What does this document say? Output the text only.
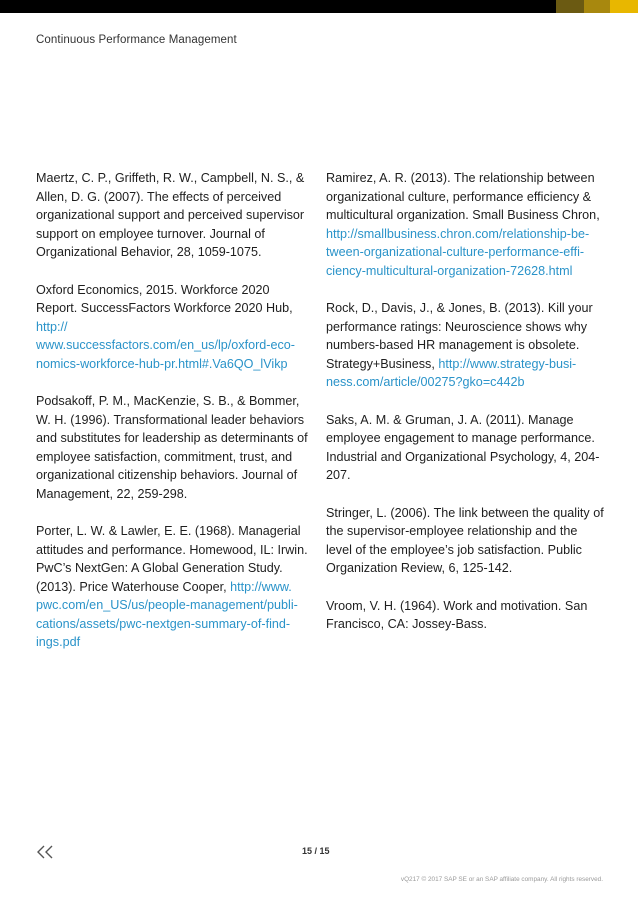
Continuous Performance Management
Maertz, C. P., Griffeth, R. W., Campbell, N. S., & Allen, D. G. (2007). The effects of perceived organizational support and perceived supervisor support on employee turnover. Journal of Organizational Behavior, 28, 1059-1075.
Oxford Economics, 2015. Workforce 2020 Report. SuccessFactors Workforce 2020 Hub, http://
www.successfactors.com/en_us/lp/oxford-eco-
nomics-workforce-hub-pr.html#.Va6QO_lVikp
Podsakoff, P. M., MacKenzie, S. B., & Bommer, W. H. (1996). Transformational leader behaviors and substitutes for leadership as determinants of employee satisfaction, commitment, trust, and organizational citizenship behaviors. Journal of Management, 22, 259-298.
Porter, L. W. & Lawler, E. E. (1968). Managerial attitudes and performance. Homewood, IL: Irwin. PwC’s NextGen: A Global Generation Study. (2013). Price Waterhouse Cooper, http://www.
pwc.com/en_US/us/people-management/publi-
cations/assets/pwc-nextgen-summary-of-find-
ings.pdf
Ramirez, A. R. (2013). The relationship between organizational culture, performance efficiency & multicultural organization. Small Business Chron,
http://smallbusiness.chron.com/relationship-be-
tween-organizational-culture-performance-effi-
ciency-multicultural-organization-72628.html
Rock, D., Davis, J., & Jones, B. (2013). Kill your performance ratings: Neuroscience shows why numbers-based HR management is obsolete. Strategy+Business, http://www.strategy-busi-
ness.com/article/00275?gko=c442b
Saks, A. M. & Gruman, J. A. (2011). Manage employee engagement to manage performance. Industrial and Organizational Psychology, 4, 204-207.
Stringer, L. (2006). The link between the quality of the supervisor-employee relationship and the level of the employee’s job satisfaction. Public Organization Review, 6, 125-142.
Vroom, V. H. (1964). Work and motivation. San Francisco, CA: Jossey-Bass.
15 / 15
vQ217 © 2017 SAP SE or an SAP affiliate company. All rights reserved.
